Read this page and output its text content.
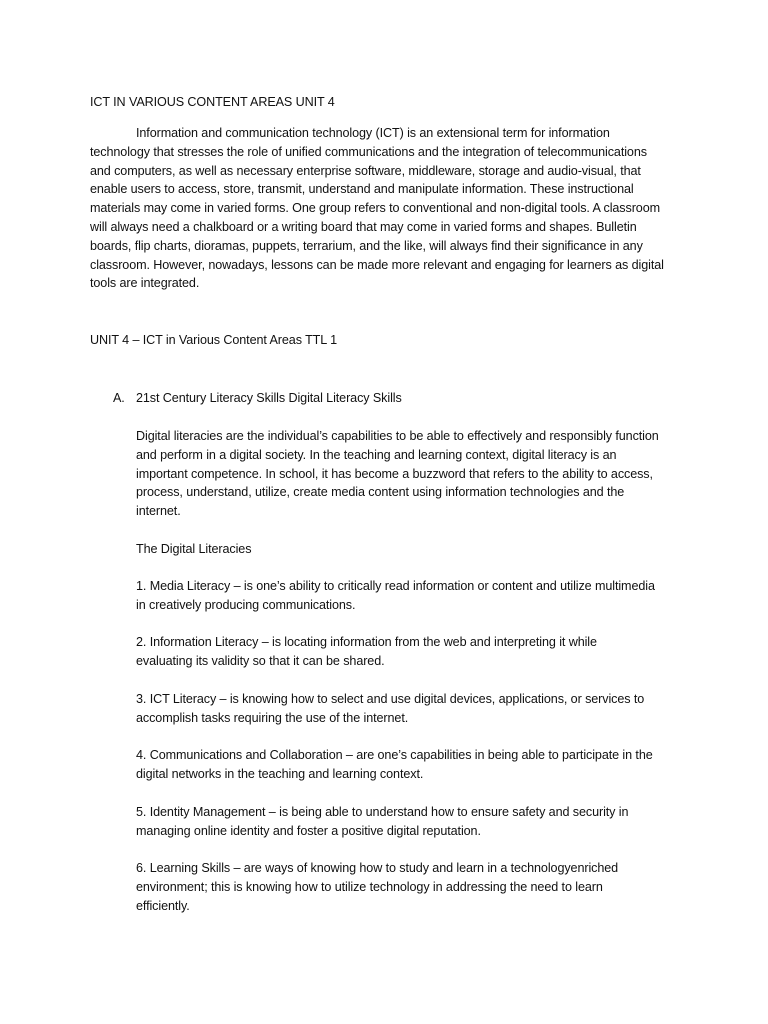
ICT IN VARIOUS CONTENT AREAS UNIT 4

Information and communication technology (ICT) is an extensional term for information
technology that stresses the role of unified communications and the integration of telecommunications
and computers, as well as necessary enterprise software, middleware, storage and audio-visual, that
enable users to access, store, transmit, understand and manipulate information. These instructional
materials may come in varied forms. One group refers to conventional and non-digital tools. A classroom
will always need a chalkboard or a writing board that may come in varied forms and shapes. Bulletin
boards, flip charts, dioramas, puppets, terrarium, and the like, will always find their significance in any
classroom. However, nowadays, lessons can be made more relevant and engaging for learners as digital
tools are integrated.

UNIT 4 – ICT in Various Content Areas TTL 1

A. 21st Century Literacy Skills Digital Literacy Skills

Digital literacies are the individual’s capabilities to be able to effectively and responsibly function
and perform in a digital society. In the teaching and learning context, digital literacy is an
important competence. In school, it has become a buzzword that refers to the ability to access,
process, understand, utilize, create media content using information technologies and the
internet.

The Digital Literacies

1. Media Literacy – is one’s ability to critically read information or content and utilize multimedia
in creatively producing communications.
2. Information Literacy – is locating information from the web and interpreting it while
evaluating its validity so that it can be shared.
3. ICT Literacy – is knowing how to select and use digital devices, applications, or services to
accomplish tasks requiring the use of the internet.
4. Communications and Collaboration – are one’s capabilities in being able to participate in the
digital networks in the teaching and learning context.
5. Identity Management – is being able to understand how to ensure safety and security in
managing online identity and foster a positive digital reputation.
6. Learning Skills – are ways of knowing how to study and learn in a technologyenriched
environment; this is knowing how to utilize technology in addressing the need to learn
efficiently.
